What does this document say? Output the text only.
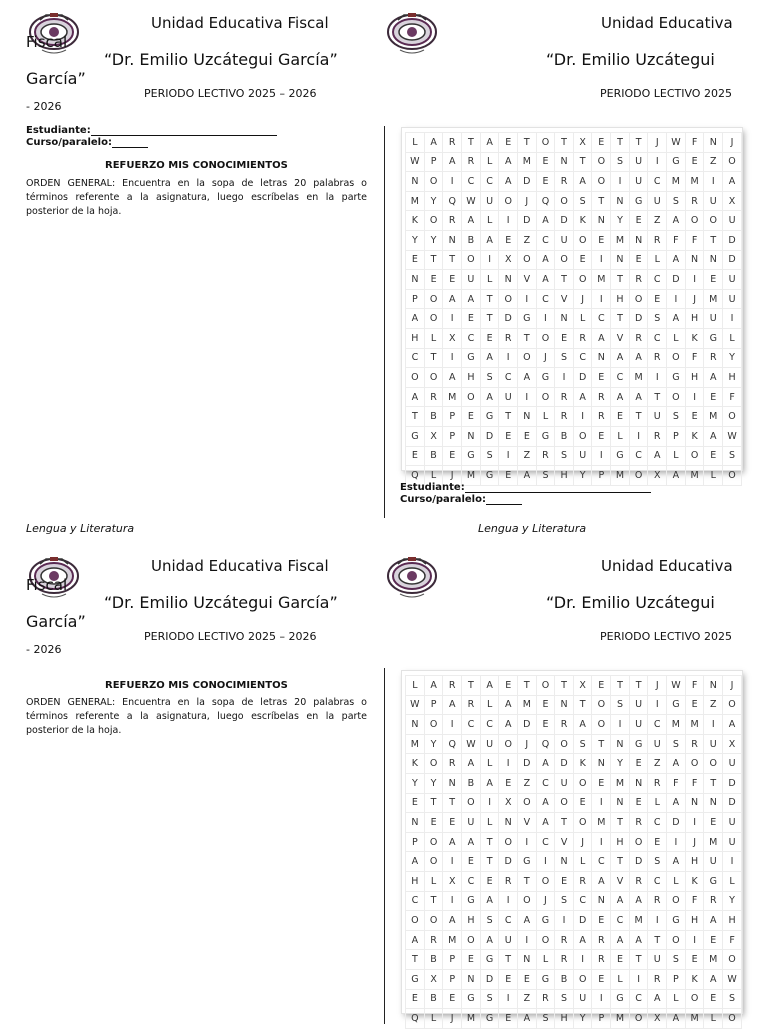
Unidad Educativa Fiscal
Fiscal
“Dr. Emilio Uzcátegui García”
García”
PERIODO LECTIVO 2025 – 2026
- 2026
Unidad Educativa
“Dr. Emilio Uzcátegui
PERIODO LECTIVO 2025
Estudiante:
Curso/paralelo:
REFUERZO MIS CONOCIMIENTOS
ORDEN GENERAL: Encuentra en la sopa de letras 20 palabras o términos referente a la asignatura, luego escríbelas en la parte posterior de la hoja.
L	A	R	T	A	E	T	O	T	X	E	T	T	J	W	F	N	J
W	P	A	R	L	A	M	E	N	T	O	S	U	I	G	E	Z	O
N	O	I	C	C	A	D	E	R	A	O	I	U	C	M	M	I	A
M	Y	Q	W	U	O	J	Q	O	S	T	N	G	U	S	R	U	X
K	O	R	A	L	I	D	A	D	K	N	Y	E	Z	A	O	O	U
Y	Y	N	B	A	E	Z	C	U	O	E	M	N	R	F	F	T	D
E	T	T	O	I	X	O	A	O	E	I	N	E	L	A	N	N	D
N	E	E	U	L	N	V	A	T	O	M	T	R	C	D	I	E	U
P	O	A	A	T	O	I	C	V	J	I	H	O	E	I	J	M	U
A	O	I	E	T	D	G	I	N	L	C	T	D	S	A	H	U	I
H	L	X	C	E	R	T	O	E	R	A	V	R	C	L	K	G	L
C	T	I	G	A	I	O	J	S	C	N	A	A	R	O	F	R	Y
O	O	A	H	S	C	A	G	I	D	E	C	M	I	G	H	A	H
A	R	M	O	A	U	I	O	R	A	R	A	A	T	O	I	E	F
T	B	P	E	G	T	N	L	R	I	R	E	T	U	S	E	M	O
G	X	P	N	D	E	E	G	B	O	E	L	I	R	P	K	A	W
E	B	E	G	S	I	Z	R	S	U	I	G	C	A	L	O	E	S
Q	L	J	M	G	E	A	S	H	Y	P	M	O	X	A	M	L	O
Estudiante:
Curso/paralelo:
Lengua y Literatura	Lengua y Literatura
Unidad Educativa Fiscal
Fiscal
“Dr. Emilio Uzcátegui García”
García”
PERIODO LECTIVO 2025 – 2026
- 2026
Unidad Educativa
“Dr. Emilio Uzcátegui
PERIODO LECTIVO 2025
REFUERZO MIS CONOCIMIENTOS
ORDEN GENERAL: Encuentra en la sopa de letras 20 palabras o términos referente a la asignatura, luego escríbelas en la parte posterior de la hoja.
L	A	R	T	A	E	T	O	T	X	E	T	T	J	W	F	N	J
W	P	A	R	L	A	M	E	N	T	O	S	U	I	G	E	Z	O
N	O	I	C	C	A	D	E	R	A	O	I	U	C	M	M	I	A
M	Y	Q	W	U	O	J	Q	O	S	T	N	G	U	S	R	U	X
K	O	R	A	L	I	D	A	D	K	N	Y	E	Z	A	O	O	U
Y	Y	N	B	A	E	Z	C	U	O	E	M	N	R	F	F	T	D
E	T	T	O	I	X	O	A	O	E	I	N	E	L	A	N	N	D
N	E	E	U	L	N	V	A	T	O	M	T	R	C	D	I	E	U
P	O	A	A	T	O	I	C	V	J	I	H	O	E	I	J	M	U
A	O	I	E	T	D	G	I	N	L	C	T	D	S	A	H	U	I
H	L	X	C	E	R	T	O	E	R	A	V	R	C	L	K	G	L
C	T	I	G	A	I	O	J	S	C	N	A	A	R	O	F	R	Y
O	O	A	H	S	C	A	G	I	D	E	C	M	I	G	H	A	H
A	R	M	O	A	U	I	O	R	A	R	A	A	T	O	I	E	F
T	B	P	E	G	T	N	L	R	I	R	E	T	U	S	E	M	O
G	X	P	N	D	E	E	G	B	O	E	L	I	R	P	K	A	W
E	B	E	G	S	I	Z	R	S	U	I	G	C	A	L	O	E	S
Q	L	J	M	G	E	A	S	H	Y	P	M	O	X	A	M	L	O
